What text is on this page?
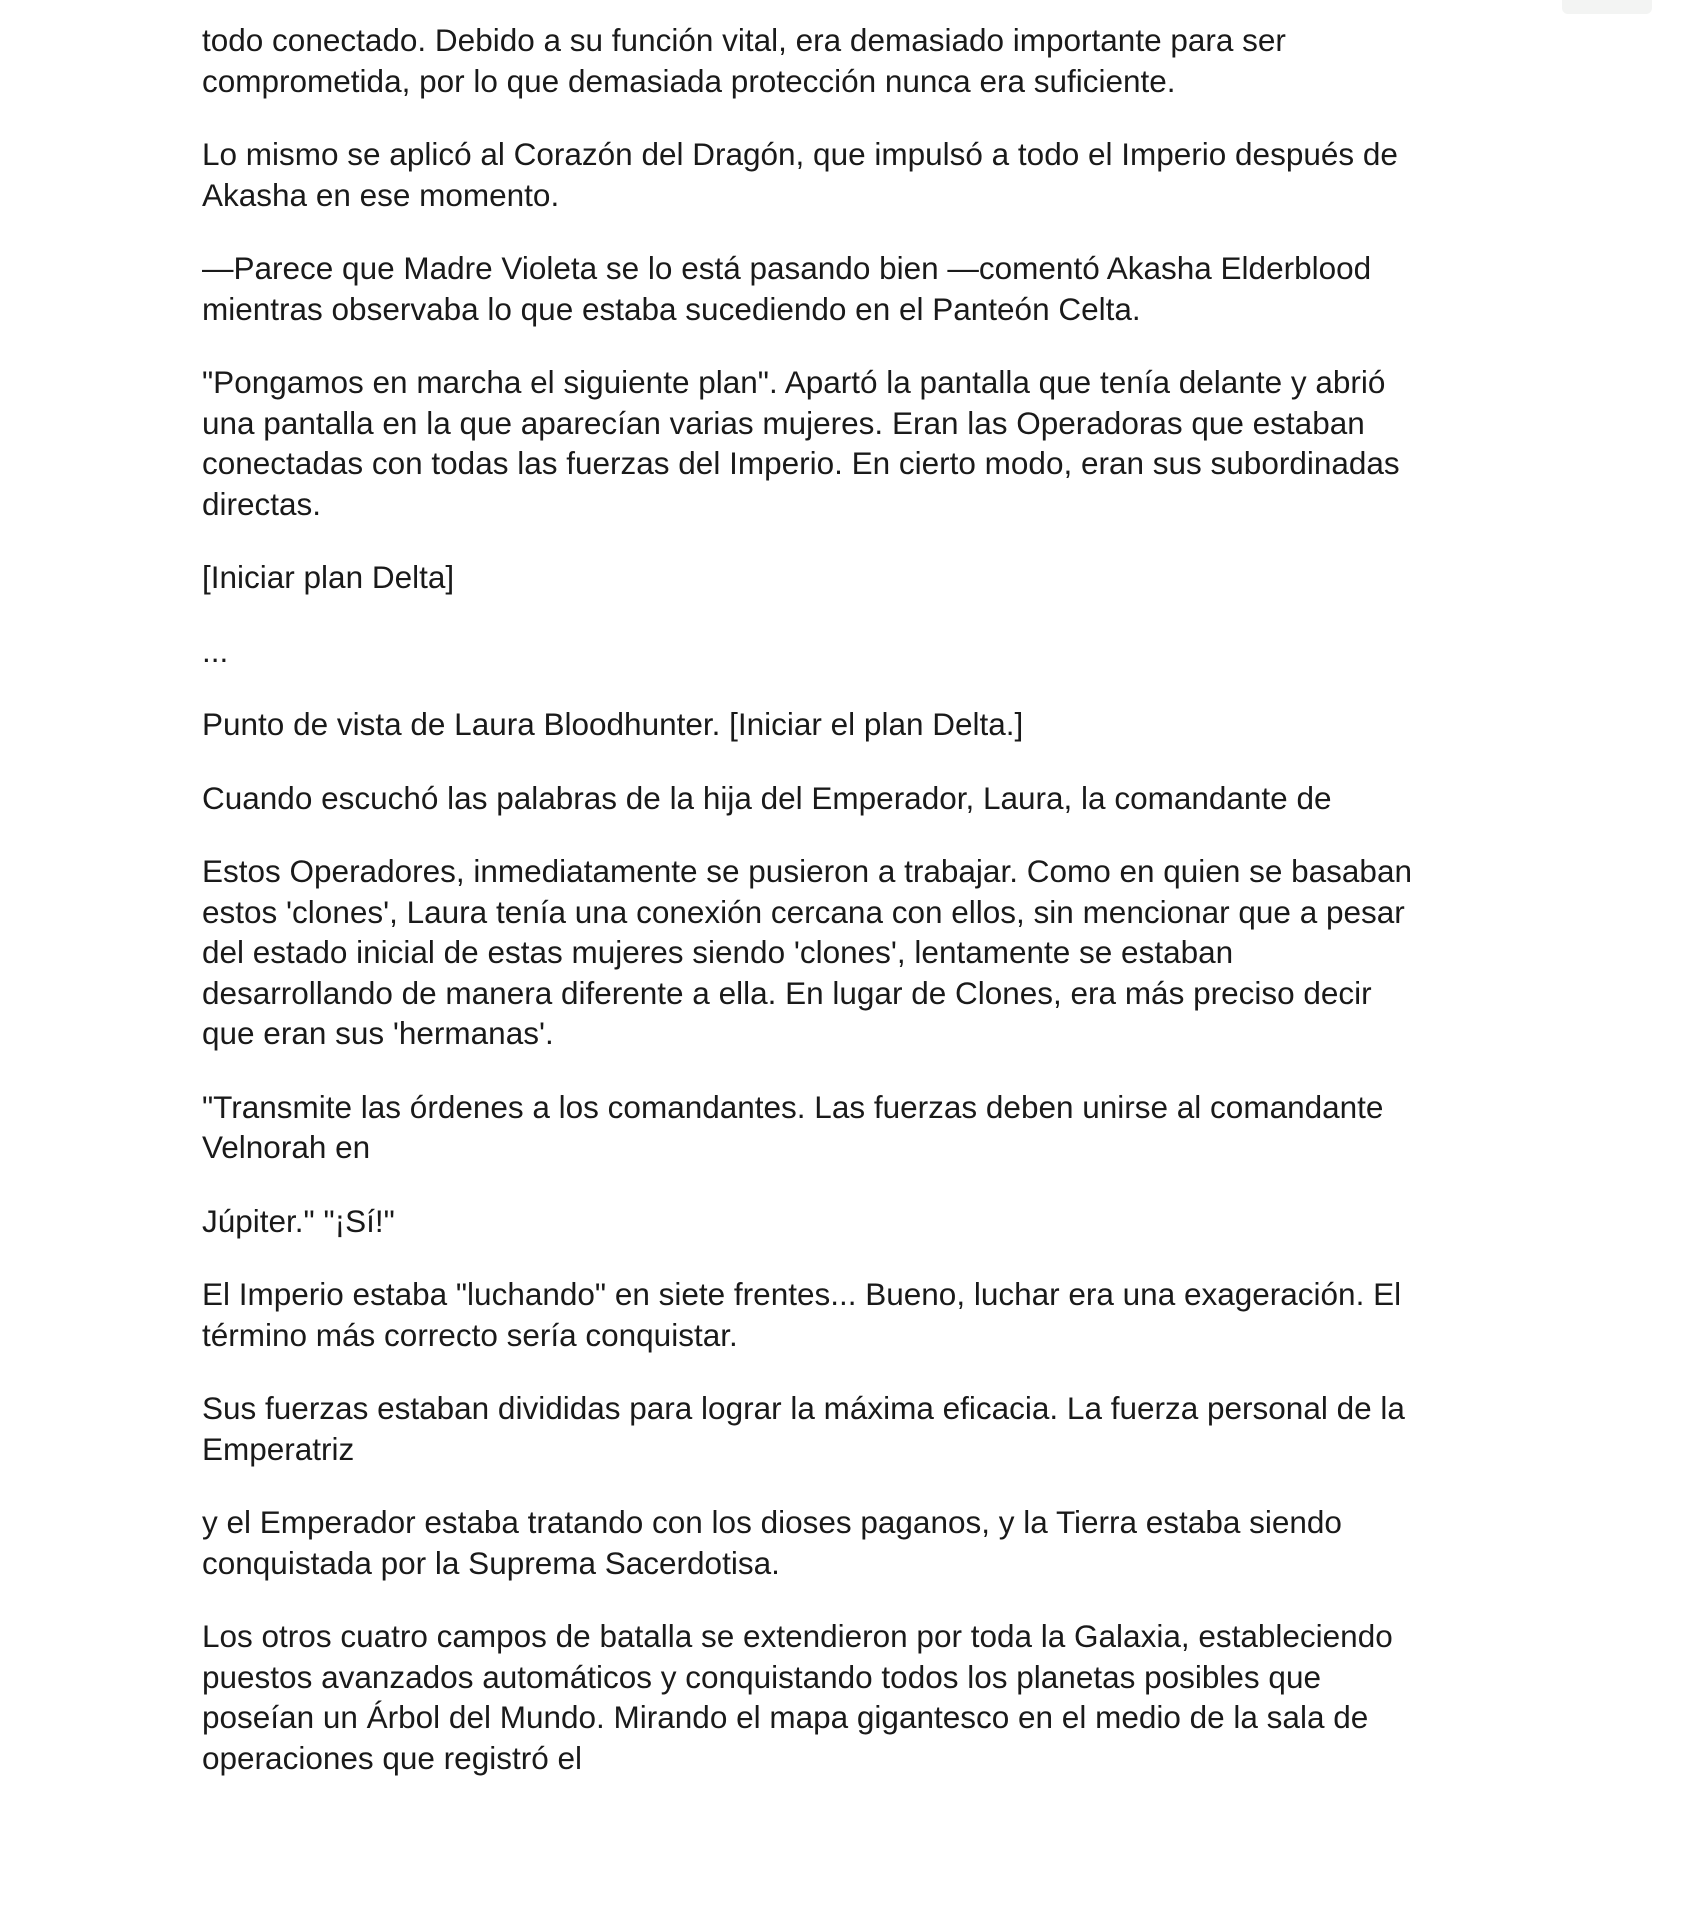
todo conectado. Debido a su función vital, era demasiado importante para ser
comprometida, por lo que demasiada protección nunca era suficiente.

Lo mismo se aplicó al Corazón del Dragón, que impulsó a todo el Imperio después de
Akasha en ese momento.

—Parece que Madre Violeta se lo está pasando bien —comentó Akasha Elderblood
mientras observaba lo que estaba sucediendo en el Panteón Celta.

"Pongamos en marcha el siguiente plan". Apartó la pantalla que tenía delante y abrió
una pantalla en la que aparecían varias mujeres. Eran las Operadoras que estaban
conectadas con todas las fuerzas del Imperio. En cierto modo, eran sus subordinadas
directas.

[Iniciar plan Delta]

...

Punto de vista de Laura Bloodhunter. [Iniciar el plan Delta.]

Cuando escuchó las palabras de la hija del Emperador, Laura, la comandante de

Estos Operadores, inmediatamente se pusieron a trabajar. Como en quien se basaban
estos 'clones', Laura tenía una conexión cercana con ellos, sin mencionar que a pesar
del estado inicial de estas mujeres siendo 'clones', lentamente se estaban
desarrollando de manera diferente a ella. En lugar de Clones, era más preciso decir
que eran sus 'hermanas'.

"Transmite las órdenes a los comandantes. Las fuerzas deben unirse al comandante
Velnorah en

Júpiter." "¡Sí!"

El Imperio estaba "luchando" en siete frentes... Bueno, luchar era una exageración. El
término más correcto sería conquistar.

Sus fuerzas estaban divididas para lograr la máxima eficacia. La fuerza personal de la
Emperatriz

y el Emperador estaba tratando con los dioses paganos, y la Tierra estaba siendo
conquistada por la Suprema Sacerdotisa.

Los otros cuatro campos de batalla se extendieron por toda la Galaxia, estableciendo
puestos avanzados automáticos y conquistando todos los planetas posibles que
poseían un Árbol del Mundo. Mirando el mapa gigantesco en el medio de la sala de
operaciones que registró el
